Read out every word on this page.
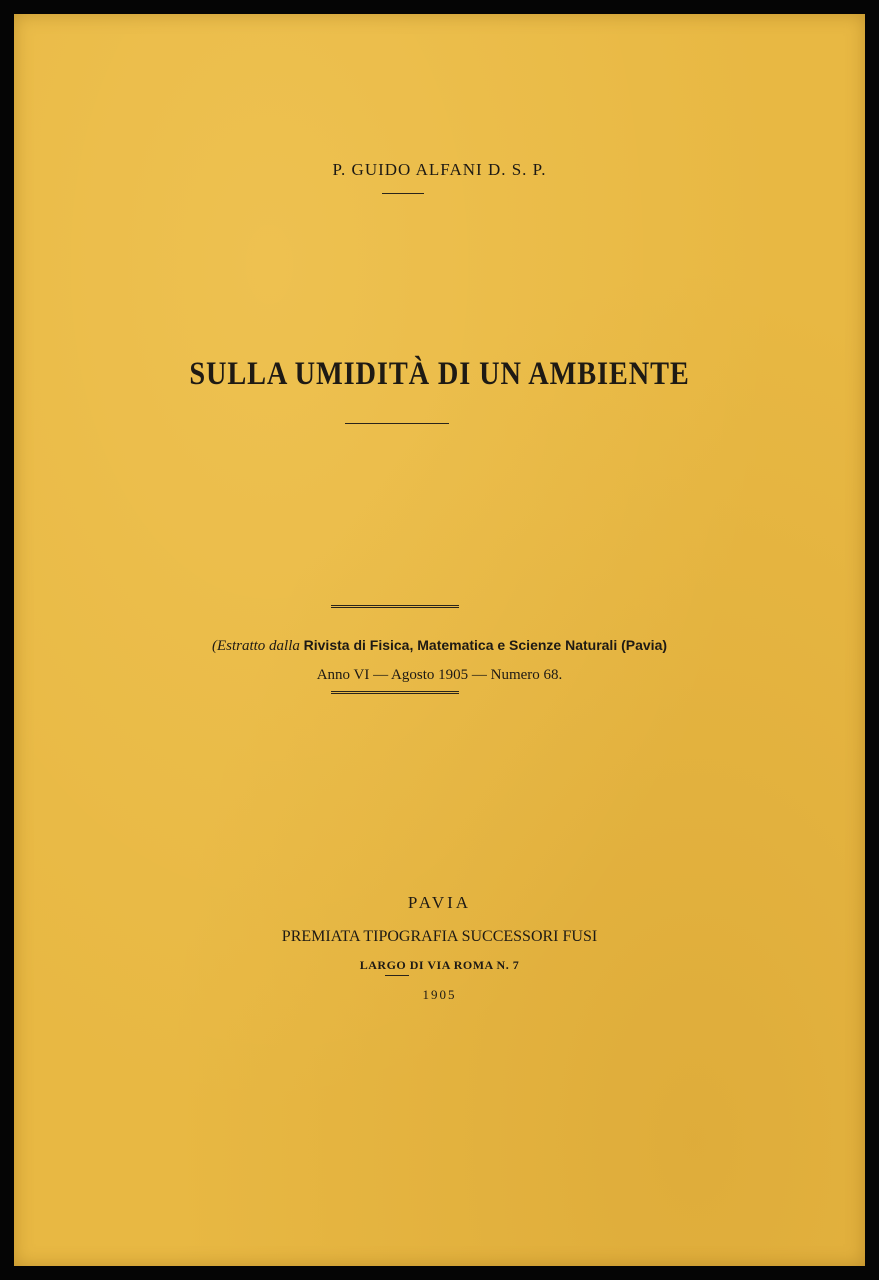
P. GUIDO ALFANI D. S. P.
SULLA UMIDITÀ DI UN AMBIENTE
(Estratto dalla Rivista di Fisica, Matematica e Scienze Naturali (Pavia)
Anno VI — Agosto 1905 — Numero 68.
PAVIA
PREMIATA TIPOGRAFIA SUCCESSORI FUSI
LARGO DI VIA ROMA N. 7
1905
